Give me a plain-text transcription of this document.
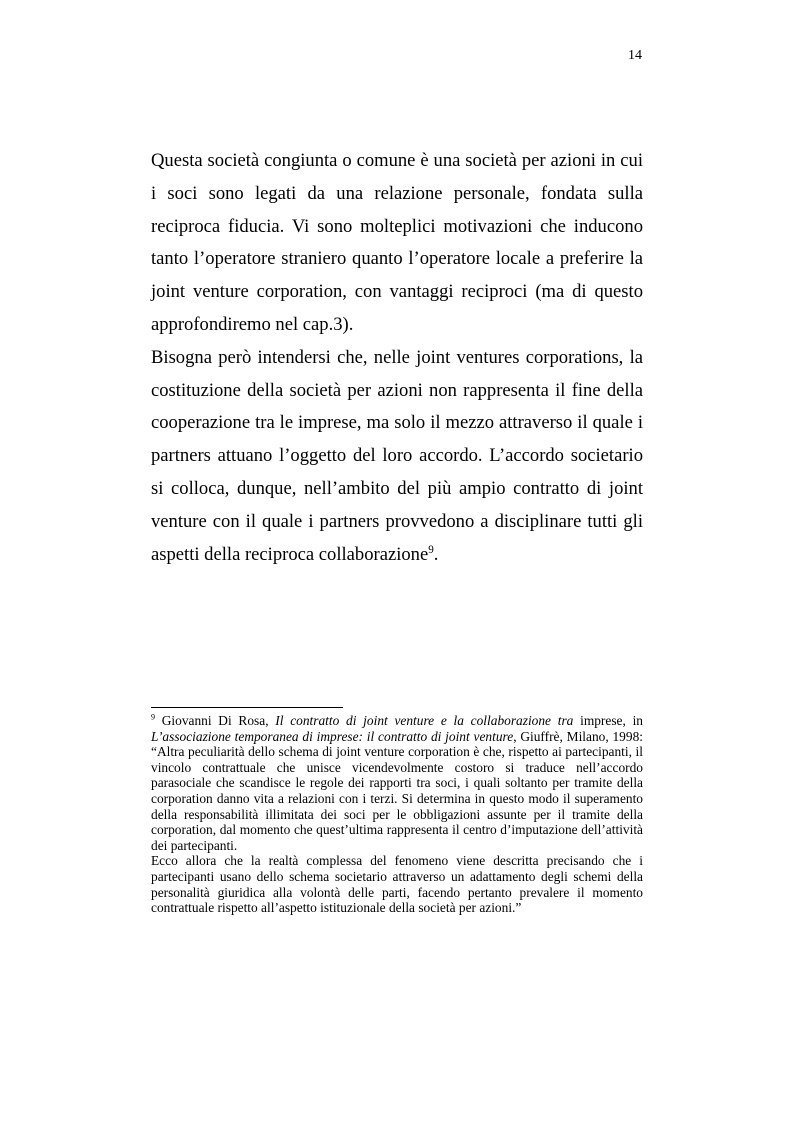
14

Questa società congiunta o comune è una società per azioni in cui i soci sono legati da una relazione personale, fondata sulla reciproca fiducia. Vi sono molteplici motivazioni che inducono tanto l’operatore straniero quanto l’operatore locale a preferire la joint venture corporation, con vantaggi reciproci (ma di questo approfondiremo nel cap.3).

Bisogna però intendersi che, nelle joint ventures corporations, la costituzione della società per azioni non rappresenta il fine della cooperazione tra le imprese, ma solo il mezzo attraverso il quale i partners attuano l’oggetto del loro accordo. L’accordo societario si colloca, dunque, nell’ambito del più ampio contratto di joint venture con il quale i partners provvedono a disciplinare tutti gli aspetti della reciproca collaborazione$^9$.

$^9$ Giovanni Di Rosa, Il contratto di joint venture e la collaborazione tra imprese, in L’associazione temporanea di imprese: il contratto di joint venture, Giuffrè, Milano, 1998: “Altra peculiarità dello schema di joint venture corporation è che, rispetto ai partecipanti, il vincolo contrattuale che unisce vicendevolmente costoro si traduce nell’accordo parasociale che scandisce le regole dei rapporti tra soci, i quali soltanto per tramite della corporation danno vita a relazioni con i terzi. Si determina in questo modo il superamento della responsabilità illimitata dei soci per le obbligazioni assunte per il tramite della corporation, dal momento che quest’ultima rappresenta il centro d’imputazione dell’attività dei partecipanti.

Ecco allora che la realtà complessa del fenomeno viene descritta precisando che i partecipanti usano dello schema societario attraverso un adattamento degli schemi della personalità giuridica alla volontà delle parti, facendo pertanto prevalere il momento contrattuale rispetto all’aspetto istituzionale della società per azioni.”
